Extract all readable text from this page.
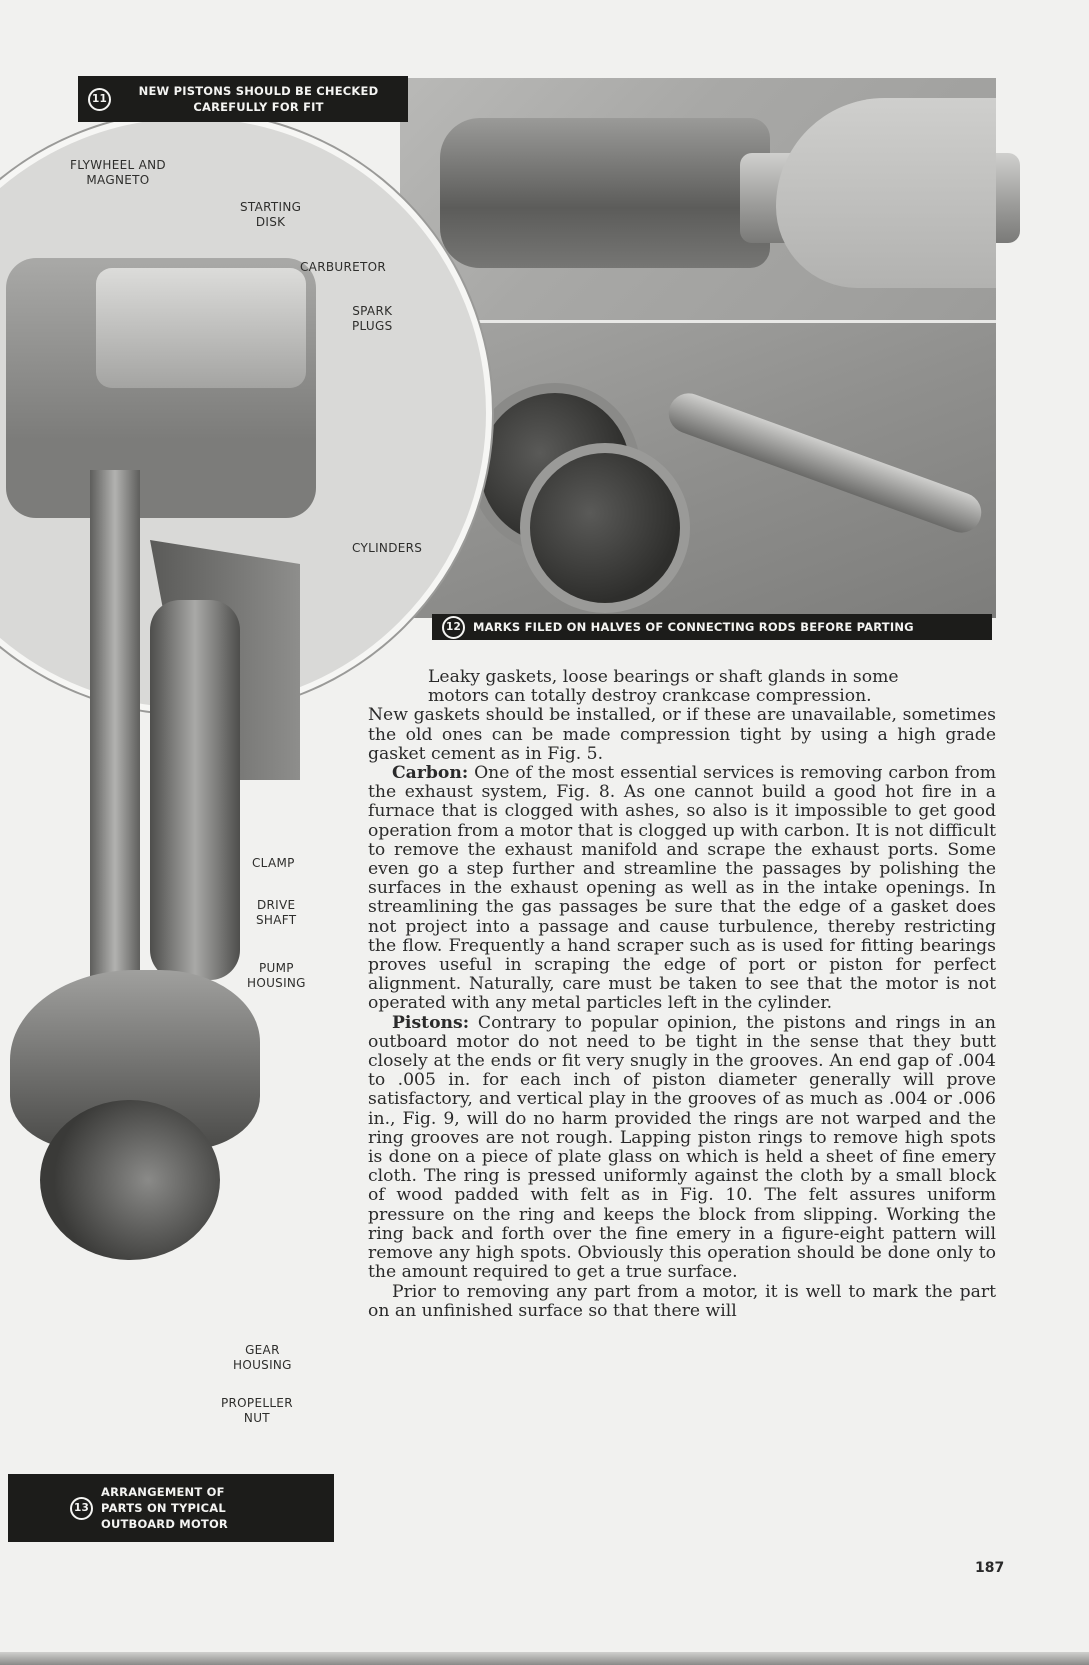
11
NEW PISTONS SHOULD BE CHECKED
CAREFULLY FOR FIT
12	MARKS FILED ON HALVES OF CONNECTING RODS BEFORE PARTING
13
ARRANGEMENT OF
PARTS ON TYPICAL
OUTBOARD MOTOR
FLYWHEEL AND
MAGNETO
STARTING
DISK
CARBURETOR
SPARK
PLUGS
CYLINDERS
CLAMP
DRIVE
SHAFT
PUMP
HOUSING
GEAR
HOUSING
PROPELLER
NUT

Leaky gaskets, loose bearings or shaft glands in some
motors can totally destroy crankcase compression.
New gaskets should be installed, or if these are unavailable, sometimes the old ones can be made compression tight by using a high grade gasket cement as in Fig. 5.

Carbon: One of the most essential services is removing carbon from the exhaust system, Fig. 8. As one cannot build a good hot fire in a furnace that is clogged with ashes, so also is it impossible to get good operation from a motor that is clogged up with carbon. It is not difficult to remove the exhaust manifold and scrape the exhaust ports. Some even go a step further and streamline the passages by polishing the surfaces in the exhaust opening as well as in the intake openings. In streamlining the gas passages be sure that the edge of a gasket does not project into a passage and cause turbulence, thereby restricting the flow. Frequently a hand scraper such as is used for fitting bearings proves useful in scraping the edge of port or piston for perfect alignment. Naturally, care must be taken to see that the motor is not operated with any metal particles left in the cylinder.

Pistons: Contrary to popular opinion, the pistons and rings in an outboard motor do not need to be tight in the sense that they butt closely at the ends or fit very snugly in the grooves. An end gap of .004 to .005 in. for each inch of piston diameter generally will prove satisfactory, and vertical play in the grooves of as much as .004 or .006 in., Fig. 9, will do no harm provided the rings are not warped and the ring grooves are not rough. Lapping piston rings to remove high spots is done on a piece of plate glass on which is held a sheet of fine emery cloth. The ring is pressed uniformly against the cloth by a small block of wood padded with felt as in Fig. 10. The felt assures uniform pressure on the ring and keeps the block from slipping. Working the ring back and forth over the fine emery in a figure-eight pattern will remove any high spots. Obviously this operation should be done only to the amount required to get a true surface.

Prior to removing any part from a motor, it is well to mark the part on an unfinished surface so that there will

187
